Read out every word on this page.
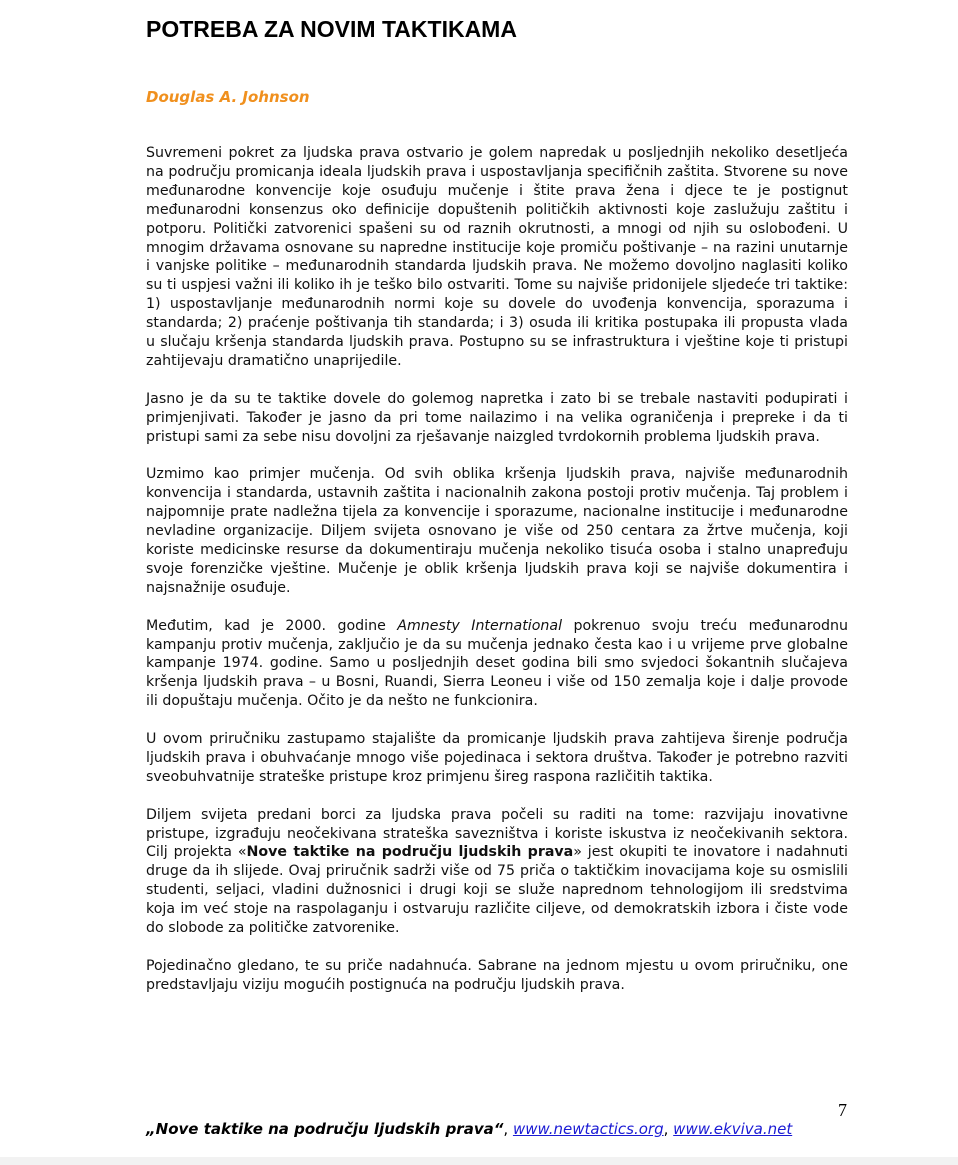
POTREBA ZA NOVIM TAKTIKAMA
Douglas A. Johnson

Suvremeni pokret za ljudska prava ostvario je golem napredak u posljednjih nekoliko desetljeća na području promicanja ideala ljudskih prava i uspostavljanja specifičnih zaštita. Stvorene su nove međunarodne konvencije koje osuđuju mučenje i štite prava žena i djece te je postignut međunarodni konsenzus oko definicije dopuštenih političkih aktivnosti koje zaslužuju zaštitu i potporu. Politički zatvorenici spašeni su od raznih okrutnosti, a mnogi od njih su oslobođeni. U mnogim državama osnovane su napredne institucije koje promiču poštivanje – na razini unutarnje i vanjske politike – međunarodnih standarda ljudskih prava. Ne možemo dovoljno naglasiti koliko su ti uspjesi važni ili koliko ih je teško bilo ostvariti. Tome su najviše pridonijele sljedeće tri taktike: 1) uspostavljanje međunarodnih normi koje su dovele do uvođenja konvencija, sporazuma i standarda; 2) praćenje poštivanja tih standarda; i 3) osuda ili kritika postupaka ili propusta vlada u slučaju kršenja standarda ljudskih prava. Postupno su se infrastruktura i vještine koje ti pristupi zahtijevaju dramatično unaprijedile.

Jasno je da su te taktike dovele do golemog napretka i zato bi se trebale nastaviti podupirati i primjenjivati. Također je jasno da pri tome nailazimo i na velika ograničenja i prepreke i da ti pristupi sami za sebe nisu dovoljni za rješavanje naizgled tvrdokornih problema ljudskih prava.

Uzmimo kao primjer mučenja. Od svih oblika kršenja ljudskih prava, najviše međunarodnih konvencija i standarda, ustavnih zaštita i nacionalnih zakona postoji protiv mučenja. Taj problem i najpomnije prate nadležna tijela za konvencije i sporazume, nacionalne institucije i međunarodne nevladine organizacije. Diljem svijeta osnovano je više od 250 centara za žrtve mučenja, koji koriste medicinske resurse da dokumentiraju mučenja nekoliko tisuća osoba i stalno unapređuju svoje forenzičke vještine. Mučenje je oblik kršenja ljudskih prava koji se najviše dokumentira i najsnažnije osuđuje.

Međutim, kad je 2000. godine Amnesty International pokrenuo svoju treću međunarodnu kampanju protiv mučenja, zaključio je da su mučenja jednako česta kao i u vrijeme prve globalne kampanje 1974. godine. Samo u posljednjih deset godina bili smo svjedoci šokantnih slučajeva kršenja ljudskih prava – u Bosni, Ruandi, Sierra Leoneu i više od 150 zemalja koje i dalje provode ili dopuštaju mučenja. Očito je da nešto ne funkcionira.

U ovom priručniku zastupamo stajalište da promicanje ljudskih prava zahtijeva širenje područja ljudskih prava i obuhvaćanje mnogo više pojedinaca i sektora društva. Također je potrebno razviti sveobuhvatnije strateške pristupe kroz primjenu šireg raspona različitih taktika.

Diljem svijeta predani borci za ljudska prava počeli su raditi na tome: razvijaju inovativne pristupe, izgrađuju neočekivana strateška savezništva i koriste iskustva iz neočekivanih sektora. Cilj projekta «Nove taktike na području ljudskih prava» jest okupiti te inovatore i nadahnuti druge da ih slijede. Ovaj priručnik sadrži više od 75 priča o taktičkim inovacijama koje su osmislili studenti, seljaci, vladini dužnosnici i drugi koji se služe naprednom tehnologijom ili sredstvima koja im već stoje na raspolaganju i ostvaruju različite ciljeve, od demokratskih izbora i čiste vode do slobode za političke zatvorenike.

Pojedinačno gledano, te su priče nadahnuća. Sabrane na jednom mjestu u ovom priručniku, one predstavljaju viziju mogućih postignuća na području ljudskih prava.

7
„Nove taktike na području ljudskih prava“, www.newtactics.org, www.ekviva.net
